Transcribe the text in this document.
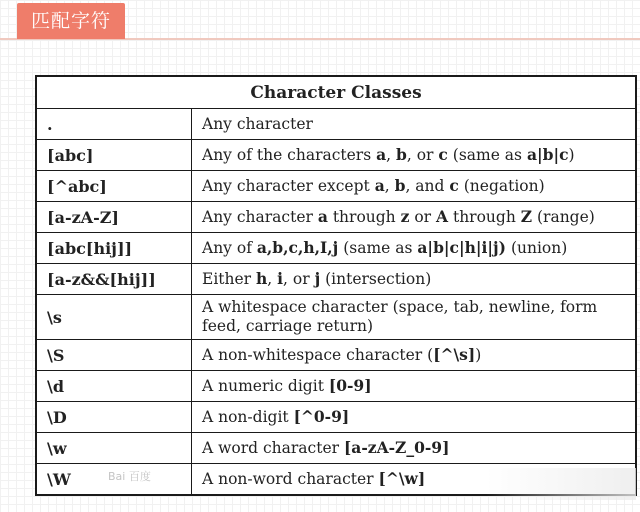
匹配字符
Character Classes	
.	Any character
[abc]	Any of the characters a, b, or c (same as a|b|c)
[^abc]	Any character except a, b, and c (negation)
[a-zA-Z]	Any character a through z or A through Z (range)
[abc[hij]]	Any of a,b,c,h,I,j (same as a|b|c|h|i|j) (union)
[a-z&&[hij]]	Either h, i, or j (intersection)
\s	A whitespace character (space, tab, newline, form feed, carriage return)
\S	A non-whitespace character ([^\s])
\d	A numeric digit [0-9]
\D	A non-digit [^0-9]
\w	A word character [a-zA-Z_0-9]
\W	A non-word character [^\w]
Bai 百度
